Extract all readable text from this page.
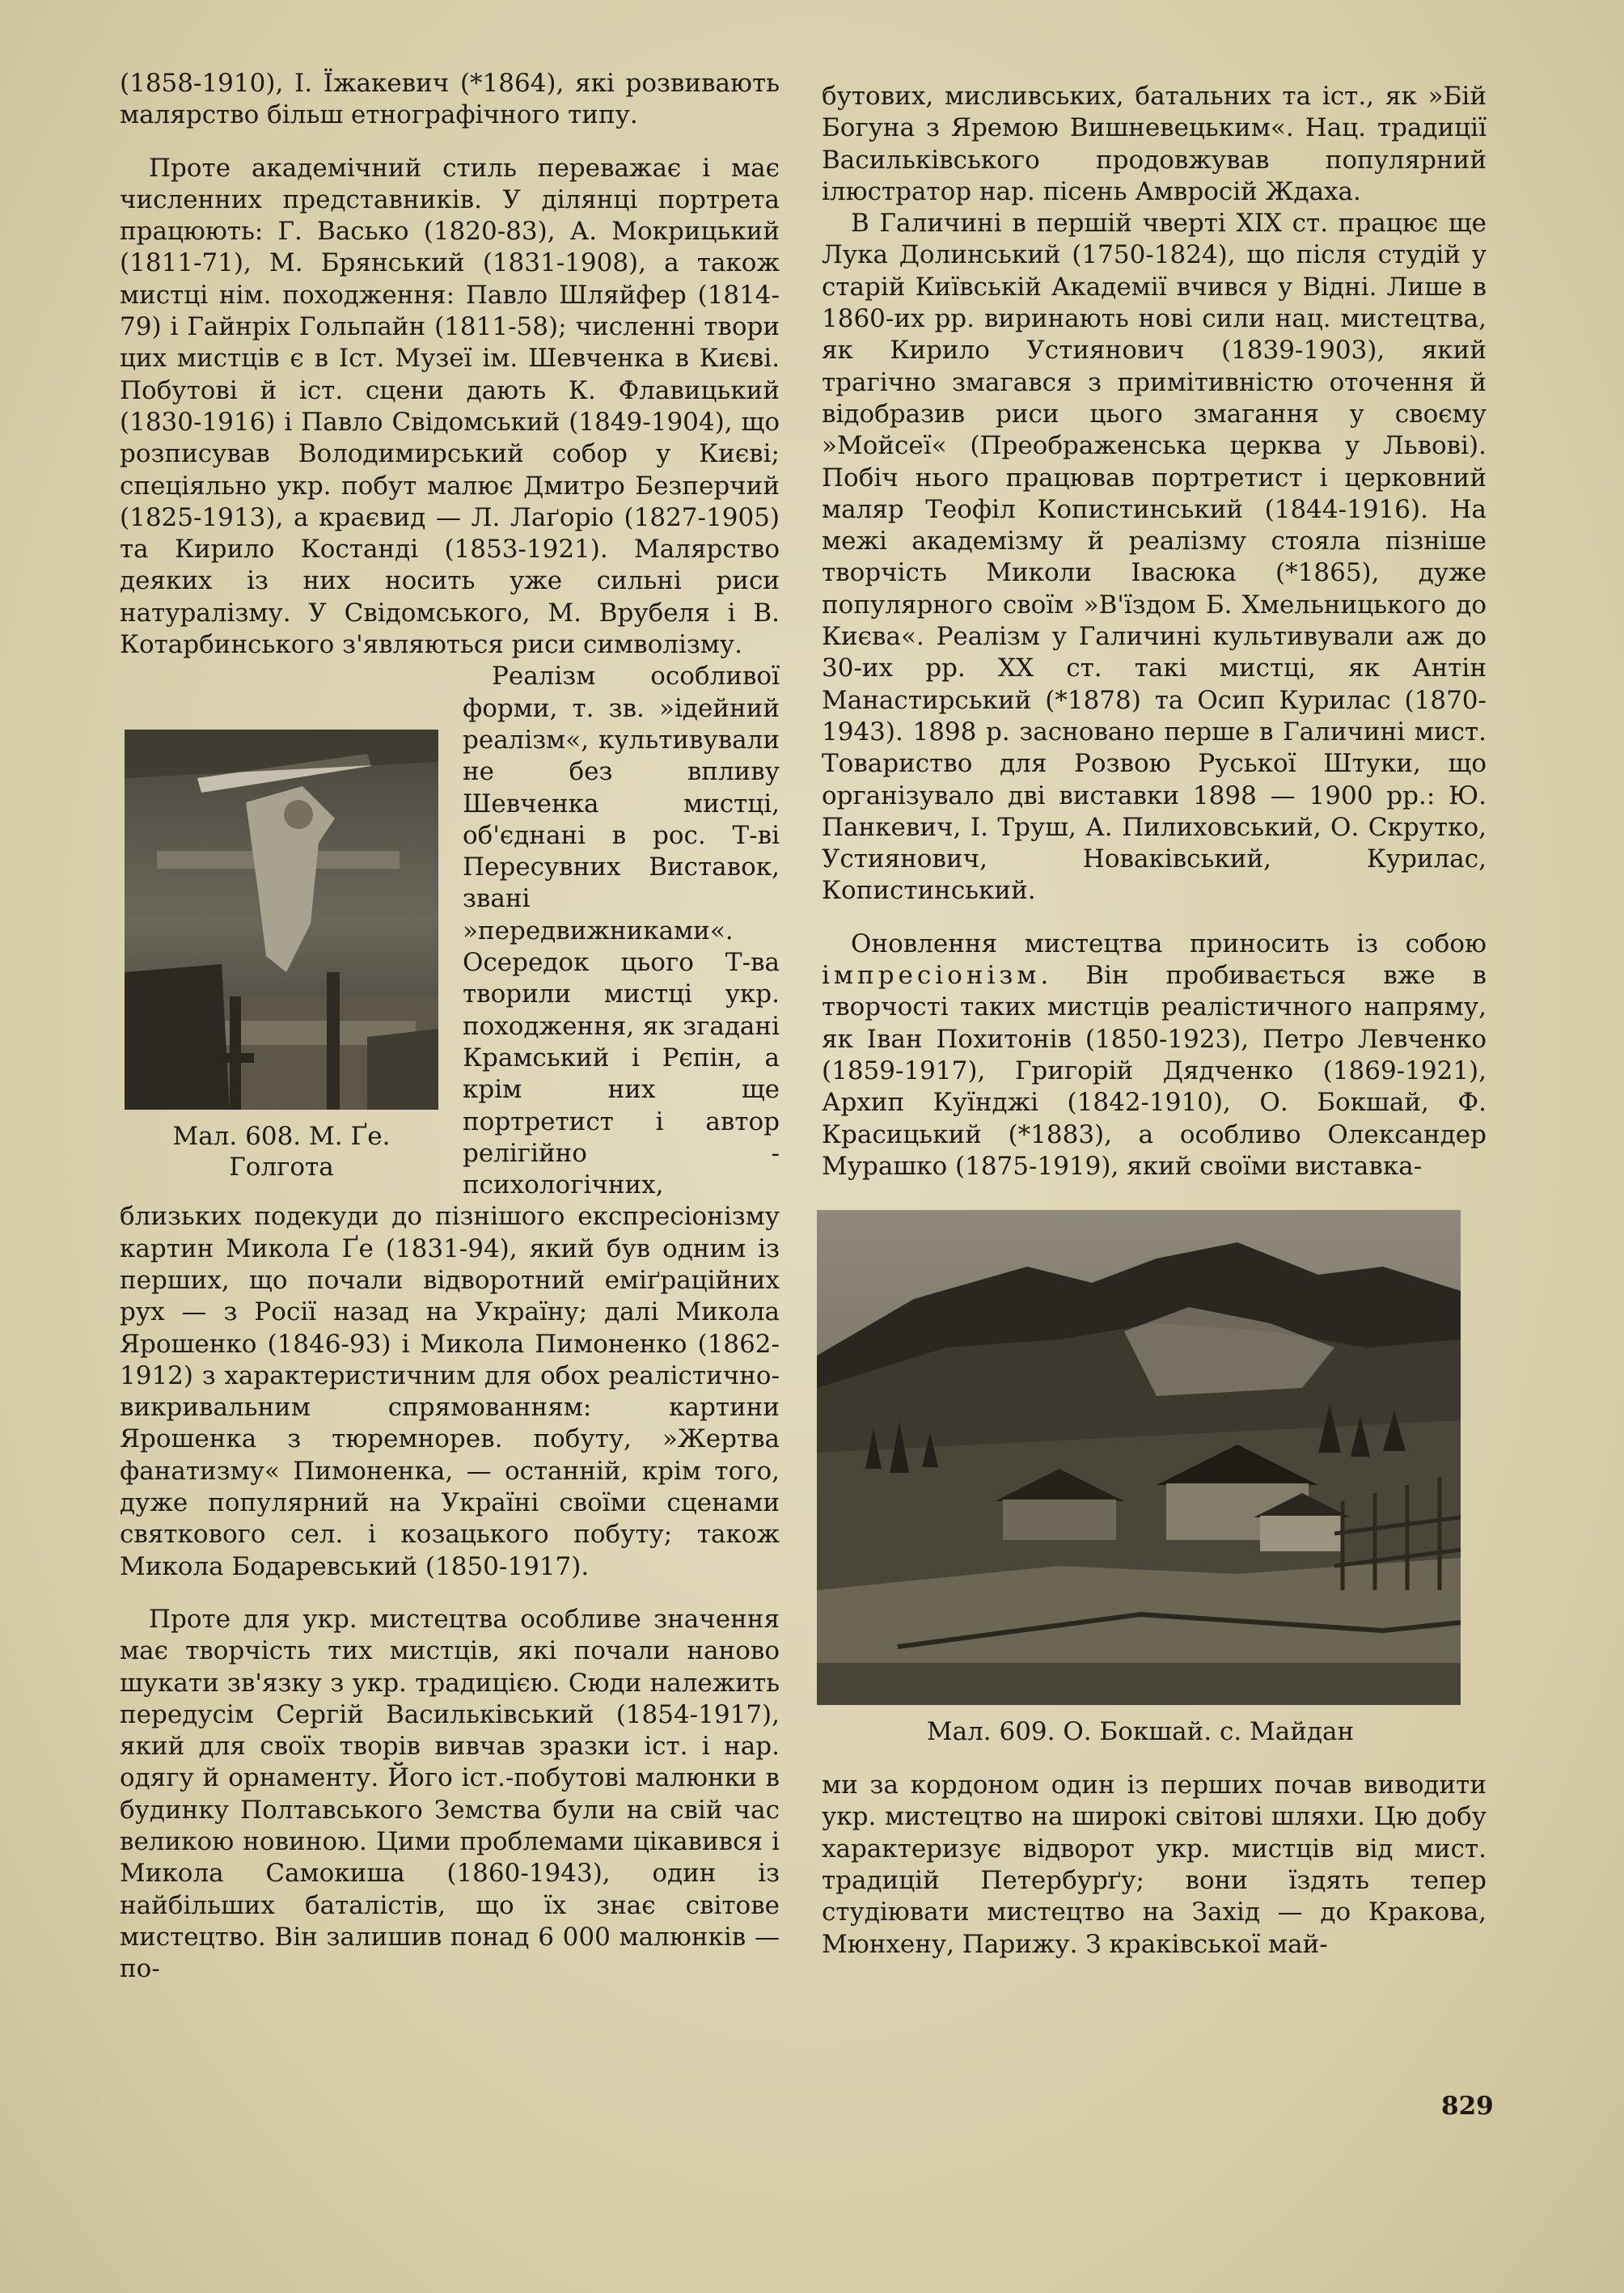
(1858-1910), І. Їжакевич (*1864), які розвивають малярство більш етнографічного типу.

Проте академічний стиль переважає і має численних представників. У ділянці портрета працюють: Г. Васько (1820-83), А. Мокрицький (1811-71), М. Брянський (1831-1908), а також мистці нім. походження: Павло Шляйфер (1814-79) і Гайнріх Гольпайн (1811-58); численні твори цих мистців є в Іст. Музеї ім. Шевченка в Києві. Побутові й іст. сцени дають К. Флавицький (1830-1916) і Павло Свідомський (1849-1904), що розписував Володимирський собор у Києві; спеціяльно укр. побут малює Дмитро Безперчий (1825-1913), а краєвид — Л. Лаґоріо (1827-1905) та Кирило Костанді (1853-1921). Малярство деяких із них носить уже сильні риси натуралізму. У Свідомського, М. Врубеля і В. Котарбинського з'являються риси символізму.

Мал. 608. М. Ґе.
Голгота

Реалізм особливої форми, т. зв. »ідейний реалізм«, культивували не без впливу Шевченка мистці, об'єднані в рос. Т-ві Пересувних Виставок, звані »передвижниками«. Осередок цього Т-ва творили мистці укр. походження, як згадані Крамський і Рєпін, а крім них ще портретист і автор релігійно - психологічних, близьких подекуди до пізнішого експресіонізму картин Микола Ґе (1831-94), який був одним із перших, що почали відворотний еміґраційних рух — з Росії назад на Україну; далі Микола Ярошенко (1846-93) і Микола Пимоненко (1862-1912) з характеристичним для обох реалістично-викривальним спрямованням: картини Ярошенка з тюремнорев. побуту, »Жертва фанатизму« Пимоненка, — останній, крім того, дуже популярний на Україні своїми сценами святкового сел. і козацького побуту; також Микола Бодаревський (1850-1917).

Проте для укр. мистецтва особливе значення має творчість тих мистців, які почали наново шукати зв'язку з укр. традицією. Сюди належить передусім Сергій Васильківський (1854-1917), який для своїх творів вивчав зразки іст. і нар. одягу й орнаменту. Його іст.-побутові малюнки в будинку Полтавського Земства були на свій час великою новиною. Цими проблемами цікавився і Микола Самокиша (1860-1943), один із найбільших баталістів, що їх знає світове мистецтво. Він залишив понад 6 000 малюнків — по-

бутових, мисливських, батальних та іст., як »Бій Богуна з Яремою Вишневецьким«. Нац. традиції Васильківського продовжував популярний ілюстратор нар. пісень Амвросій Ждаха.

В Галичині в першій чверті XIX ст. працює ще Лука Долинський (1750-1824), що після студій у старій Київській Академії вчився у Відні. Лише в 1860-их рр. виринають нові сили нац. мистецтва, як Кирило Устиянович (1839-1903), який трагічно змагався з примітивністю оточення й відобразив риси цього змагання у своєму »Мойсеї« (Преображенська церква у Львові). Побіч нього працював портретист і церковний маляр Теофіл Копистинський (1844-1916). На межі академізму й реалізму стояла пізніше творчість Миколи Івасюка (*1865), дуже популярного своїм »В'їздом Б. Хмельницького до Києва«. Реалізм у Галичині культивували аж до 30-их рр. XX ст. такі мистці, як Антін Манастирський (*1878) та Осип Курилас (1870-1943). 1898 р. засновано перше в Галичині мист. Товариство для Розвою Руської Штуки, що організувало дві виставки 1898 — 1900 рр.: Ю. Панкевич, І. Труш, А. Пилиховський, О. Скрутко, Устиянович, Новаківський, Курилас, Копистинський.

Оновлення мистецтва приносить із собою імпресіонізм. Він пробивається вже в творчості таких мистців реалістичного напряму, як Іван Похитонів (1850-1923), Петро Левченко (1859-1917), Григорій Дядченко (1869-1921), Архип Куїнджі (1842-1910), О. Бокшай, Ф. Красицький (*1883), а особливо Олександер Мурашко (1875-1919), який своїми виставка-

Мал. 609. О. Бокшай. с. Майдан

ми за кордоном один із перших почав виводити укр. мистецтво на широкі світові шляхи. Цю добу характеризує відворот укр. мистців від мист. традицій Петербурґу; вони їздять тепер студіювати мистецтво на Захід — до Кракова, Мюнхену, Парижу. З краківської май-

829
